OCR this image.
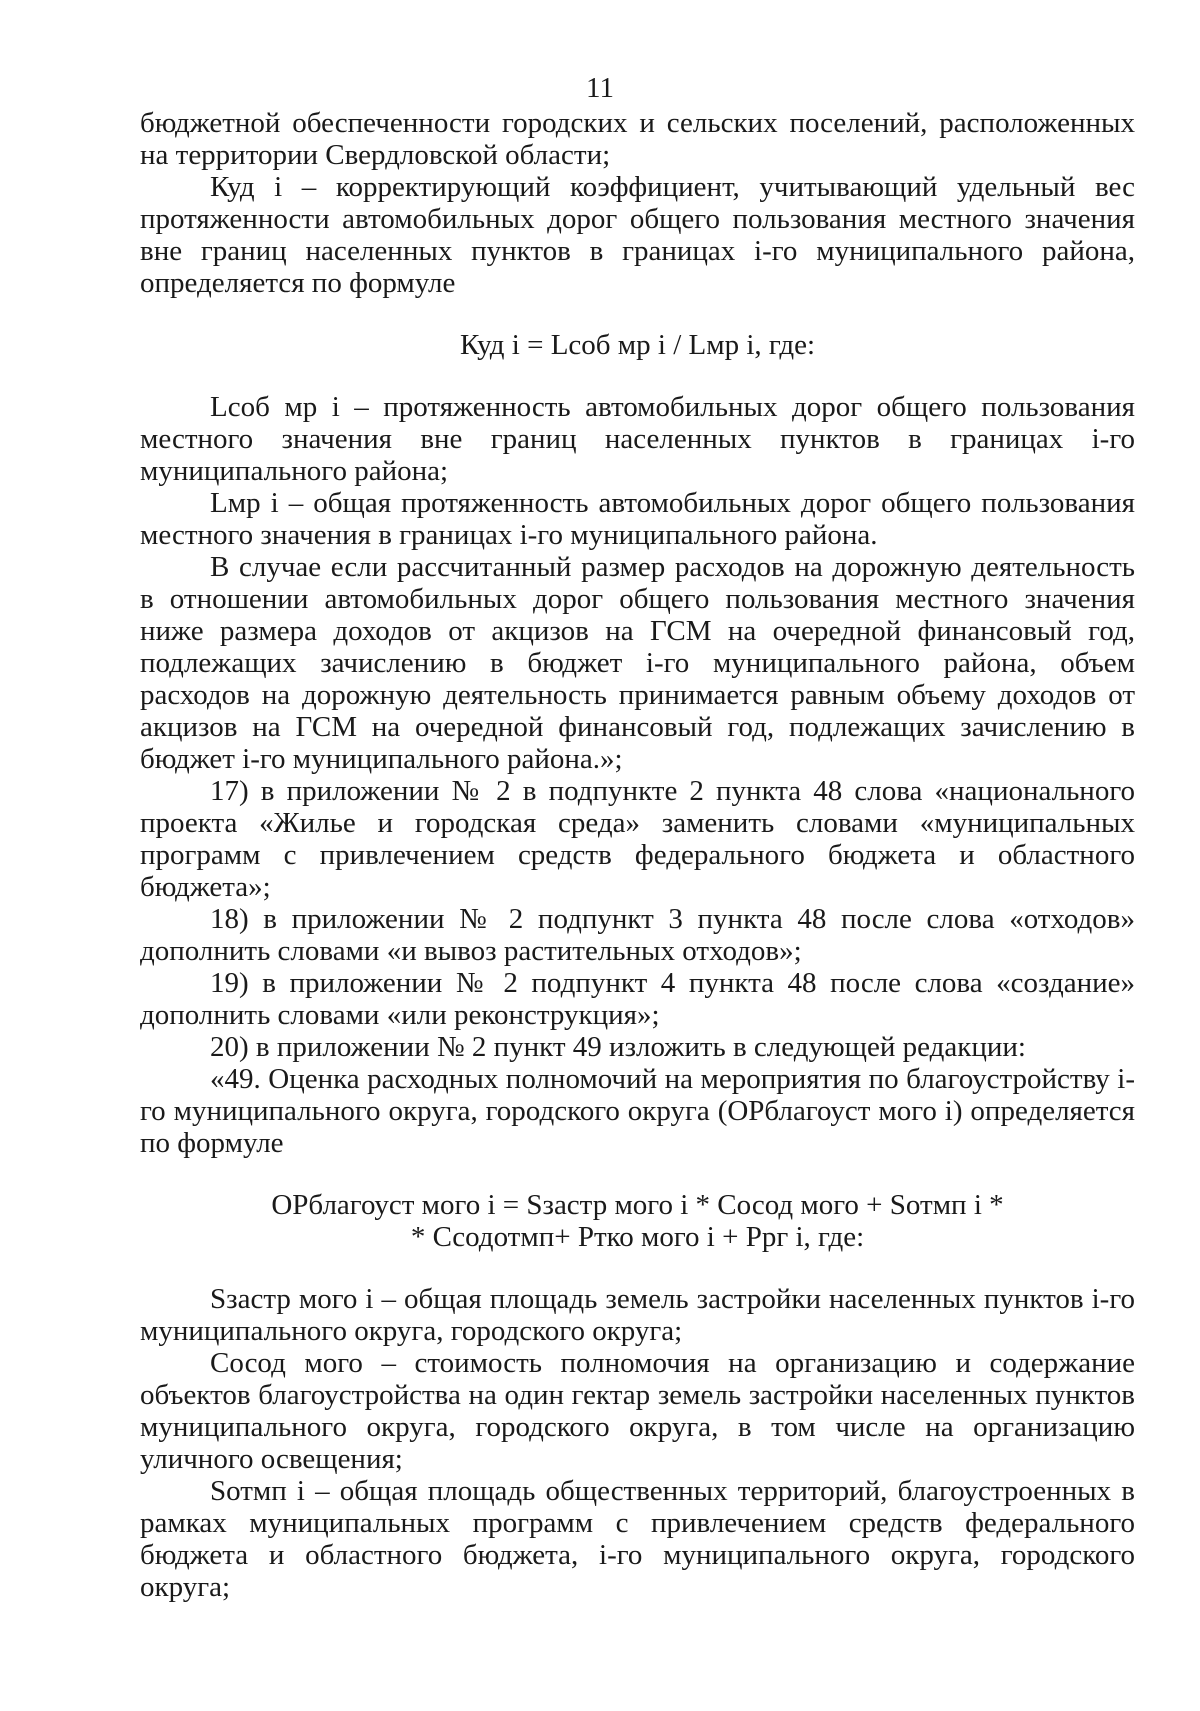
11

бюджетной обеспеченности городских и сельских поселений, расположенных на территории Свердловской области;

Куд i – корректирующий коэффициент, учитывающий удельный вес протяженности автомобильных дорог общего пользования местного значения вне границ населенных пунктов в границах i-го муниципального района, определяется по формуле

Куд i = Lсоб мр i / Lмр i, где:

Lсоб мр i – протяженность автомобильных дорог общего пользования местного значения вне границ населенных пунктов в границах i-го муниципального района;

Lмр i – общая протяженность автомобильных дорог общего пользования местного значения в границах i-го муниципального района.

В случае если рассчитанный размер расходов на дорожную деятельность в отношении автомобильных дорог общего пользования местного значения ниже размера доходов от акцизов на ГСМ на очередной финансовый год, подлежащих зачислению в бюджет i-го муниципального района, объем расходов на дорожную деятельность принимается равным объему доходов от акцизов на ГСМ на очередной финансовый год, подлежащих зачислению в бюджет i-го муниципального района.»;

17) в приложении № 2 в подпункте 2 пункта 48 слова «национального проекта «Жилье и городская среда» заменить словами «муниципальных программ с привлечением средств федерального бюджета и областного бюджета»;

18) в приложении № 2 подпункт 3 пункта 48 после слова «отходов» дополнить словами «и вывоз растительных отходов»;

19) в приложении № 2 подпункт 4 пункта 48 после слова «создание» дополнить словами «или реконструкция»;

20) в приложении № 2 пункт 49 изложить в следующей редакции:

«49. Оценка расходных полномочий на мероприятия по благоустройству i-го муниципального округа, городского округа (ОРблагоуст мого i) определяется по формуле

ОРблагоуст мого i = Sзастр мого i * Сосод мого + Sотмп i *

* Ссодотмп+ Ртко мого i + Ррг i, где:

Sзастр мого i – общая площадь земель застройки населенных пунктов i-го муниципального округа, городского округа;

Сосод мого – стоимость полномочия на организацию и содержание объектов благоустройства на один гектар земель застройки населенных пунктов муниципального округа, городского округа, в том числе на организацию уличного освещения;

Sотмп i – общая площадь общественных территорий, благоустроенных в рамках муниципальных программ с привлечением средств федерального бюджета и областного бюджета, i-го муниципального округа, городского округа;
